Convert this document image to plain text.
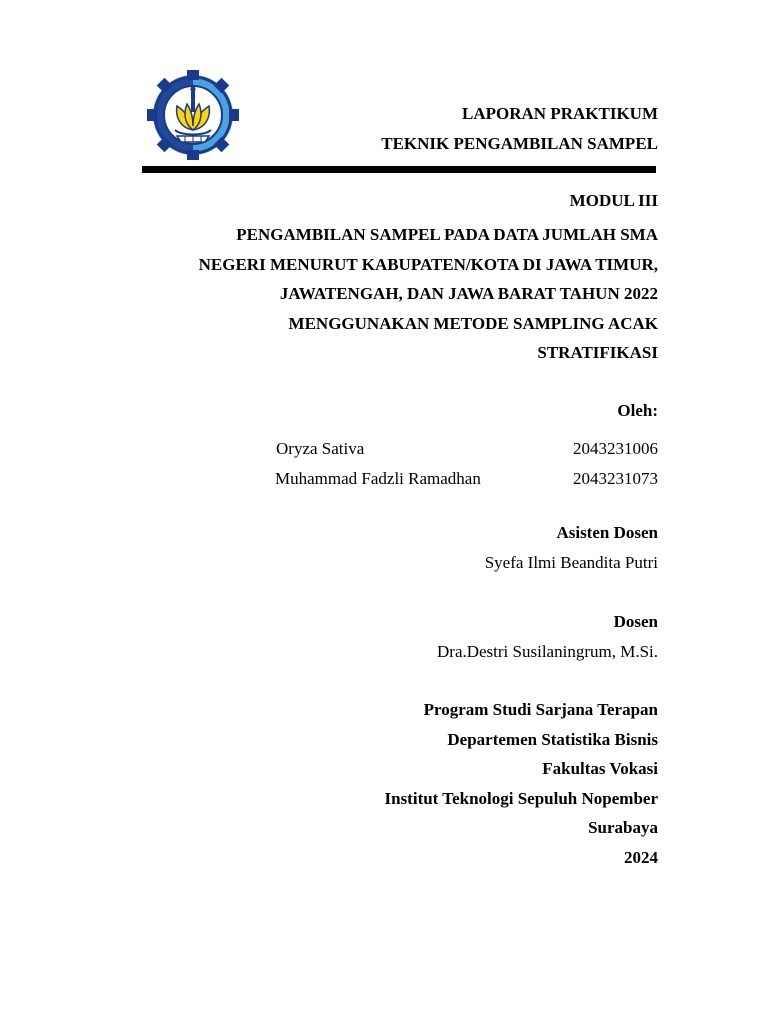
LAPORAN PRAKTIKUM
TEKNIK PENGAMBILAN SAMPEL
MODUL III
PENGAMBILAN SAMPEL PADA DATA JUMLAH SMA
NEGERI MENURUT KABUPATEN/KOTA DI JAWA TIMUR,
JAWATENGAH, DAN JAWA BARAT TAHUN 2022
MENGGUNAKAN METODE SAMPLING ACAK
STRATIFIKASI
Oleh:
Oryza Sativa	2043231006
Muhammad Fadzli Ramadhan	2043231073
Asisten Dosen
Syefa Ilmi Beandita Putri
Dosen
Dra.Destri Susilaningrum, M.Si.
Program Studi Sarjana Terapan
Departemen Statistika Bisnis
Fakultas Vokasi
Institut Teknologi Sepuluh Nopember
Surabaya
2024
